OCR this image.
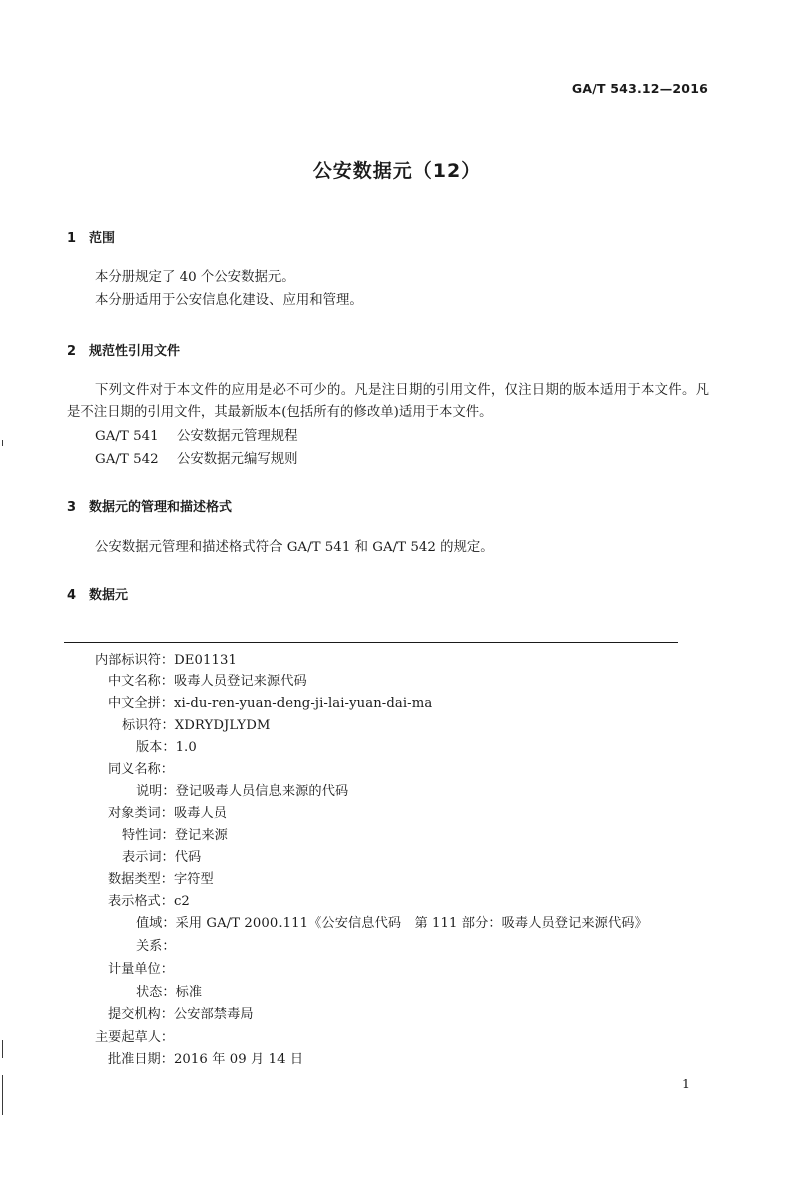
GA/T 543.12—2016
公安数据元（12）
1 范围
本分册规定了 40 个公安数据元。
本分册适用于公安信息化建设、应用和管理。
2 规范性引用文件
下列文件对于本文件的应用是必不可少的。凡是注日期的引用文件，仅注日期的版本适用于本文件。凡是不注日期的引用文件，其最新版本(包括所有的修改单)适用于本文件。
GA/T 541 公安数据元管理规程
GA/T 542 公安数据元编写规则
3 数据元的管理和描述格式
公安数据元管理和描述格式符合 GA/T 541 和 GA/T 542 的规定。
4 数据元
内部标识符：DE01131
中文名称：吸毒人员登记来源代码
中文全拼：xi-du-ren-yuan-deng-ji-lai-yuan-dai-ma
标识符：XDRYDJLYDM
版本：1.0
同义名称：
说明：登记吸毒人员信息来源的代码
对象类词：吸毒人员
特性词：登记来源
表示词：代码
数据类型：字符型
表示格式：c2
值域：采用 GA/T 2000.111《公安信息代码　第 111 部分：吸毒人员登记来源代码》
关系：
计量单位：
状态：标准
提交机构：公安部禁毒局
主要起草人：
批准日期：2016 年 09 月 14 日
1
